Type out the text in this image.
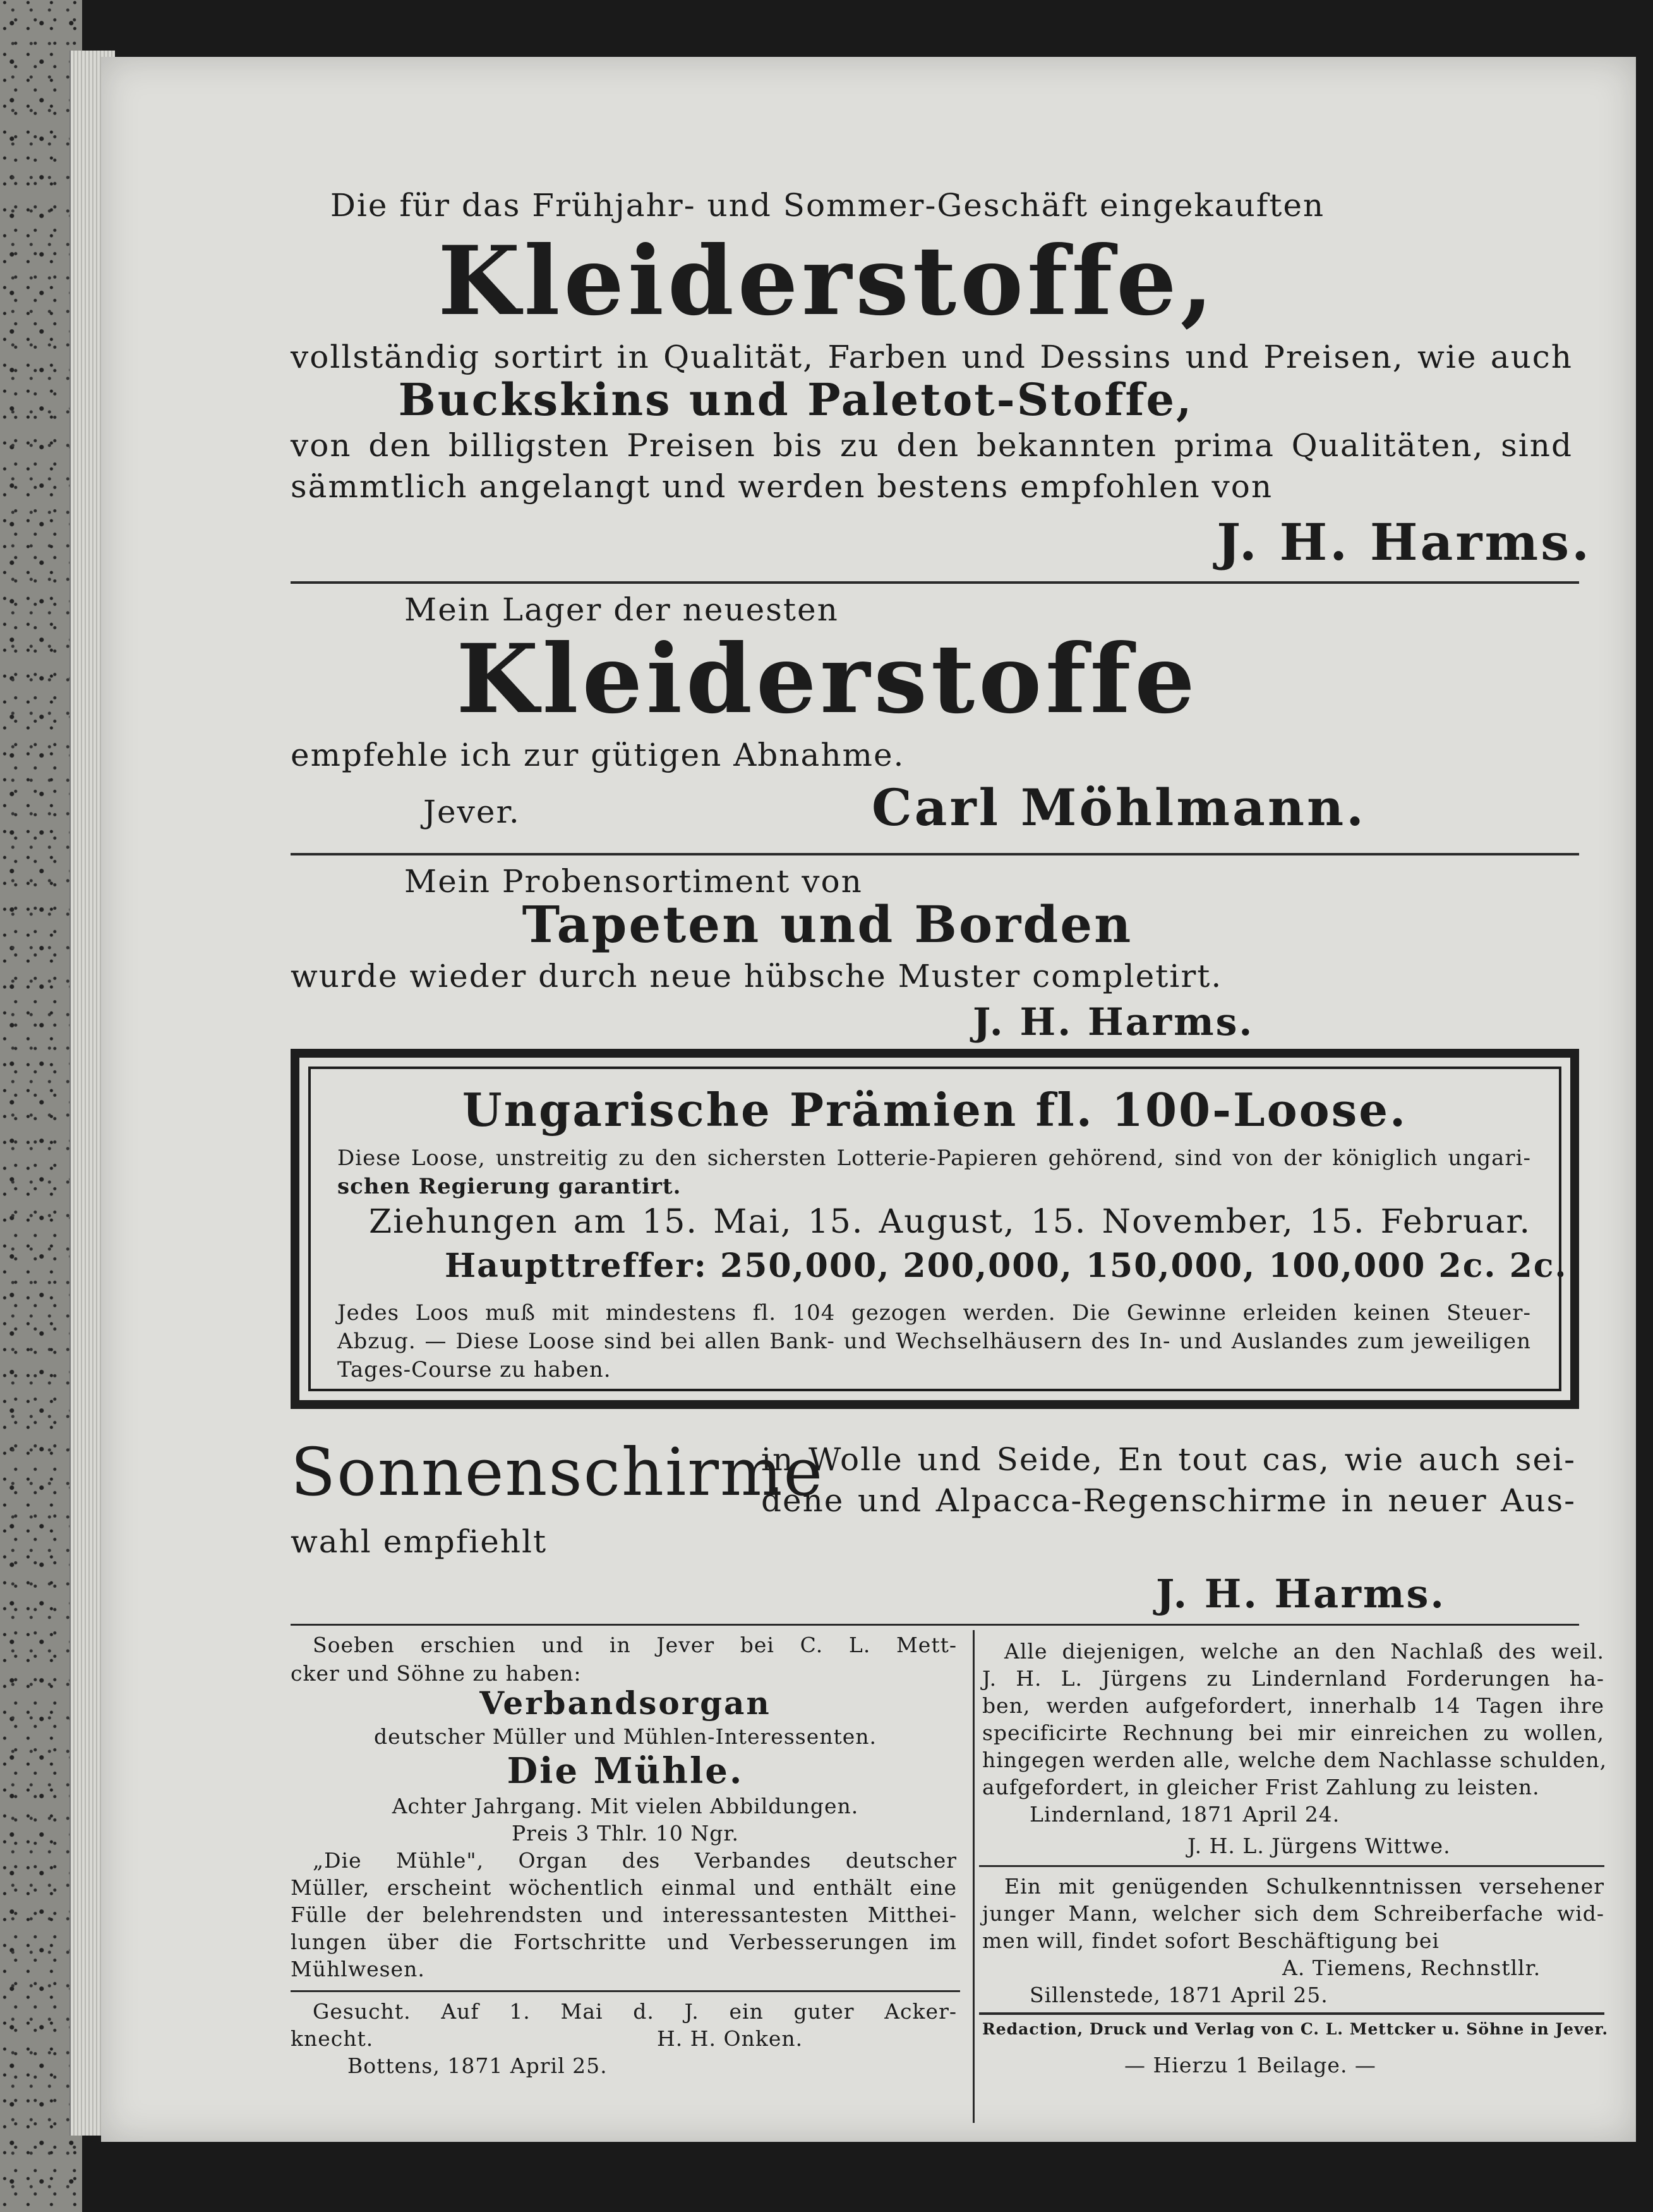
Die für das Frühjahr- und Sommer-Geschäft eingekauften
Kleiderstoffe,
vollständig sortirt in Qualität, Farben und Dessins und Preisen, wie auch
Buckskins und Paletot-Stoffe,
von den billigsten Preisen bis zu den bekannten prima Qualitäten, sind
sämmtlich angelangt und werden bestens empfohlen von
J. H. Harms.
Mein Lager der neuesten
Kleiderstoffe
empfehle ich zur gütigen Abnahme.
Jever.	Carl Möhlmann.
Mein Probensortiment von
Tapeten und Borden
wurde wieder durch neue hübsche Muster completirt.
J. H. Harms.
Ungarische Prämien fl. 100-Loose.
Diese Loose, unstreitig zu den sichersten Lotterie-Papieren gehörend, sind von der königlich ungari-
schen Regierung garantirt.
Ziehungen am 15. Mai, 15. August, 15. November, 15. Februar.
Haupttreffer: 250,000, 200,000, 150,000, 100,000 2c. 2c.
Jedes Loos muß mit mindestens fl. 104 gezogen werden. Die Gewinne erleiden keinen Steuer-
Abzug. — Diese Loose sind bei allen Bank- und Wechselhäusern des In- und Auslandes zum jeweiligen
Tages-Course zu haben.
Sonnenschirme
in Wolle und Seide, En tout cas, wie auch sei-
dene und Alpacca-Regenschirme in neuer Aus-
wahl empfiehlt
J. H. Harms.
Soeben erschien und in Jever bei C. L. Mett-
cker und Söhne zu haben:
Verbandsorgan
deutscher Müller und Mühlen-Interessenten.
Die Mühle.
Achter Jahrgang. Mit vielen Abbildungen.
Preis 3 Thlr. 10 Ngr.
„Die Mühle", Organ des Verbandes deutscher
Müller, erscheint wöchentlich einmal und enthält eine
Fülle der belehrendsten und interessantesten Mitthei-
lungen über die Fortschritte und Verbesserungen im
Mühlwesen.
Gesucht. Auf 1. Mai d. J. ein guter Acker-
knecht.	H. H. Onken.
Bottens, 1871 April 25.
Alle diejenigen, welche an den Nachlaß des weil.
J. H. L. Jürgens zu Lindernland Forderungen ha-
ben, werden aufgefordert, innerhalb 14 Tagen ihre
specificirte Rechnung bei mir einreichen zu wollen,
hingegen werden alle, welche dem Nachlasse schulden,
aufgefordert, in gleicher Frist Zahlung zu leisten.
Lindernland, 1871 April 24.
J. H. L. Jürgens Wittwe.
Ein mit genügenden Schulkenntnissen versehener
junger Mann, welcher sich dem Schreiberfache wid-
men will, findet sofort Beschäftigung bei
A. Tiemens, Rechnstllr.
Sillenstede, 1871 April 25.
Redaction, Druck und Verlag von C. L. Mettcker u. Söhne in Jever.
— Hierzu 1 Beilage. —
